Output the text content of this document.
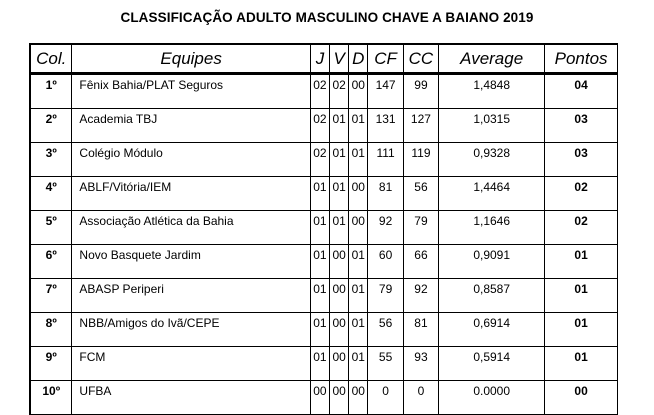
CLASSIFICAÇÃO ADULTO MASCULINO CHAVE A BAIANO 2019
Col.	Equipes	J	V	D	CF	CC	Average	Pontos
1º	Fênix Bahia/PLAT Seguros	02	02	00	147	99	1,4848	04
2º	Academia TBJ	02	01	01	131	127	1,0315	03
3º	Colégio Módulo	02	01	01	111	119	0,9328	03
4º	ABLF/Vitória/IEM	01	01	00	81	56	1,4464	02
5º	Associação Atlética da Bahia	01	01	00	92	79	1,1646	02
6º	Novo Basquete Jardim	01	00	01	60	66	0,9091	01
7º	ABASP Periperi	01	00	01	79	92	0,8587	01
8º	NBB/Amigos do Ivã/CEPE	01	00	01	56	81	0,6914	01
9º	FCM	01	00	01	55	93	0,5914	01
10º	UFBA	00	00	00	0	0	0.0000	00
